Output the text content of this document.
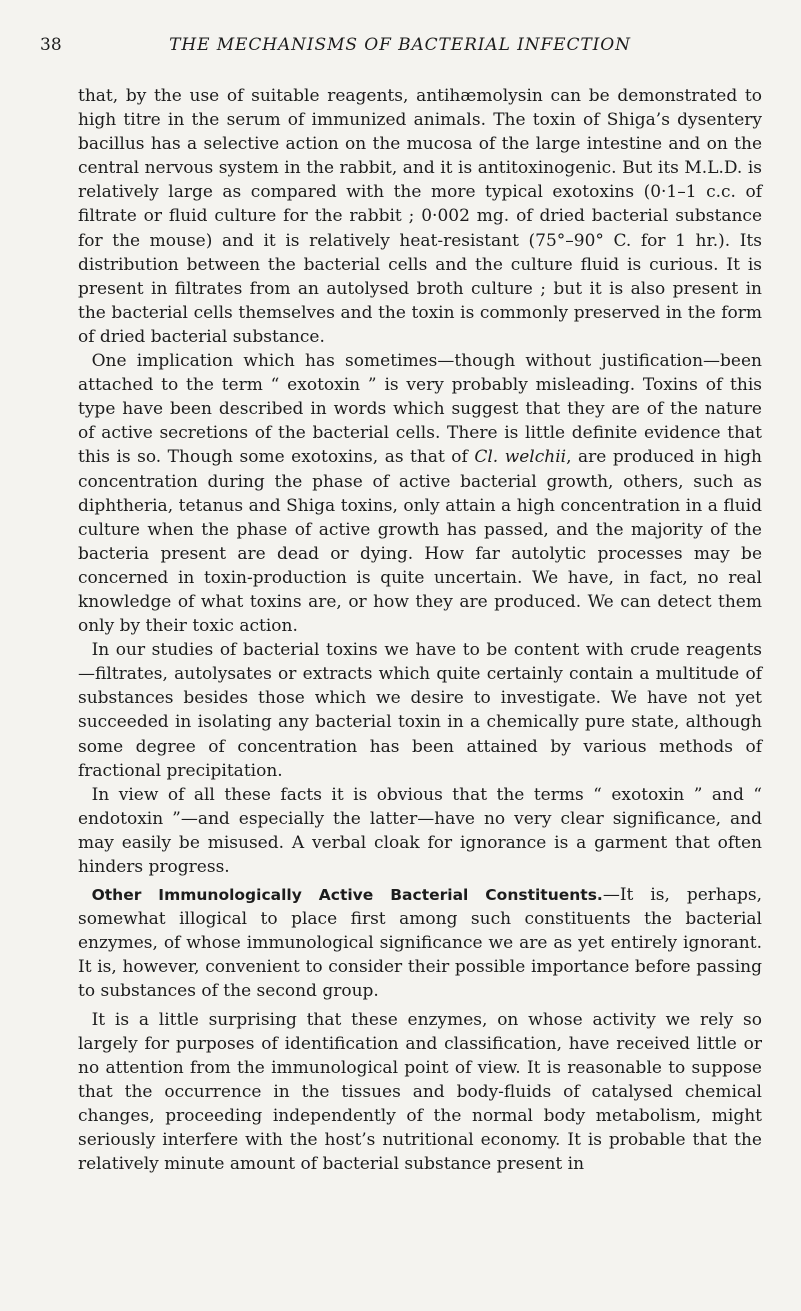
38	THE MECHANISMS OF BACTERIAL INFECTION

that, by the use of suitable reagents, antihæmolysin can be demonstrated to high titre in the serum of immunized animals. The toxin of Shiga’s dysentery bacillus has a selective action on the mucosa of the large intestine and on the central nervous system in the rabbit, and it is antitoxinogenic. But its M.L.D. is relatively large as compared with the more typical exotoxins (0·1–1 c.c. of filtrate or fluid culture for the rabbit ; 0·002 mg. of dried bacterial substance for the mouse) and it is relatively heat-resistant (75°–90° C. for 1 hr.). Its distribution between the bacterial cells and the culture fluid is curious. It is present in filtrates from an autolysed broth culture ; but it is also present in the bacterial cells themselves and the toxin is commonly preserved in the form of dried bacterial substance.

One implication which has sometimes—though without justification—been attached to the term “ exotoxin ” is very probably misleading. Toxins of this type have been described in words which suggest that they are of the nature of active secretions of the bacterial cells. There is little definite evidence that this is so. Though some exotoxins, as that of Cl. welchii, are produced in high concentration during the phase of active bacterial growth, others, such as diphtheria, tetanus and Shiga toxins, only attain a high concentration in a fluid culture when the phase of active growth has passed, and the majority of the bacteria present are dead or dying. How far autolytic processes may be concerned in toxin-production is quite uncertain. We have, in fact, no real knowledge of what toxins are, or how they are produced. We can detect them only by their toxic action.

In our studies of bacterial toxins we have to be content with crude reagents —filtrates, autolysates or extracts which quite certainly contain a multitude of substances besides those which we desire to investigate. We have not yet succeeded in isolating any bacterial toxin in a chemically pure state, although some degree of concentration has been attained by various methods of fractional precipitation.

In view of all these facts it is obvious that the terms “ exotoxin ” and “ endotoxin ”—and especially the latter—have no very clear significance, and may easily be misused. A verbal cloak for ignorance is a garment that often hinders progress.

Other Immunologically Active Bacterial Constituents.—It is, perhaps, somewhat illogical to place first among such constituents the bacterial enzymes, of whose immunological significance we are as yet entirely ignorant. It is, however, convenient to consider their possible importance before passing to substances of the second group.

It is a little surprising that these enzymes, on whose activity we rely so largely for purposes of identification and classification, have received little or no attention from the immunological point of view. It is reasonable to suppose that the occurrence in the tissues and body-fluids of catalysed chemical changes, proceeding independently of the normal body metabolism, might seriously interfere with the host’s nutritional economy. It is probable that the relatively minute amount of bacterial substance present in
